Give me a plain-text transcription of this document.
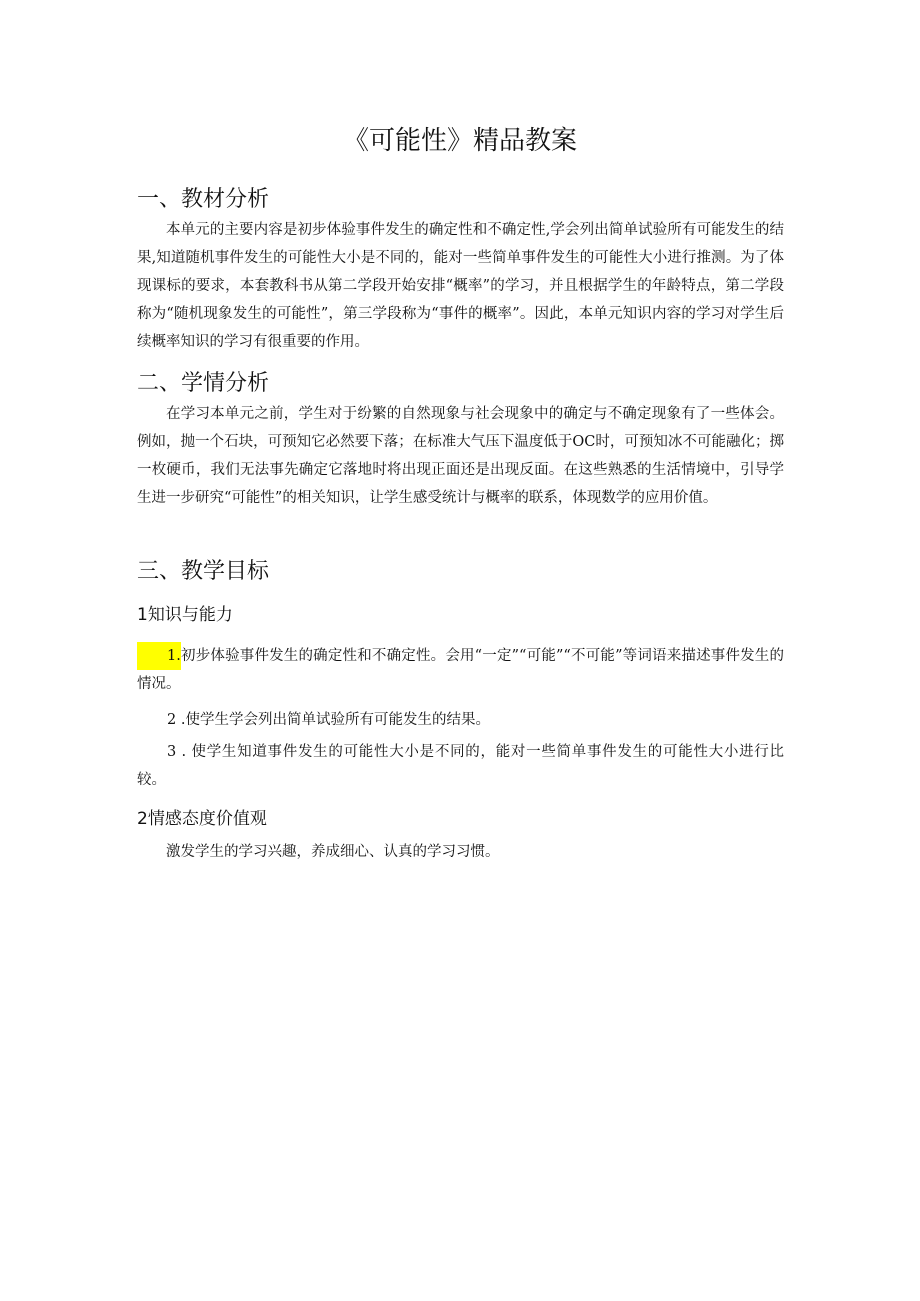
《可能性》精品教案
一、教材分析
本单元的主要内容是初步体验事件发生的确定性和不确定性,学会列出简单试验所有可能发生的结果,知道随机事件发生的可能性大小是不同的，能对一些简单事件发生的可能性大小进行推测。为了体现课标的要求，本套教科书从第二学段开始安排“概率”的学习，并且根据学生的年龄特点，第二学段称为“随机现象发生的可能性”，第三学段称为“事件的概率”。因此，本单元知识内容的学习对学生后续概率知识的学习有很重要的作用。
二、学情分析
在学习本单元之前，学生对于纷繁的自然现象与社会现象中的确定与不确定现象有了一些体会。例如，抛一个石块，可预知它必然要下落；在标准大气压下温度低于OC时，可预知冰不可能融化；掷一枚硬币，我们无法事先确定它落地时将出现正面还是出现反面。在这些熟悉的生活情境中，引导学生进一步研究“可能性”的相关知识，让学生感受统计与概率的联系，体现数学的应用价值。
三、教学目标
1知识与能力
1.初步体验事件发生的确定性和不确定性。会用“一定”“可能”“不可能”等词语来描述事件发生的情况。
2 .使学生学会列出简单试验所有可能发生的结果。
3 . 使学生知道事件发生的可能性大小是不同的，能对一些简单事件发生的可能性大小进行比较。
2情感态度价值观
激发学生的学习兴趣，养成细心、认真的学习习惯。
